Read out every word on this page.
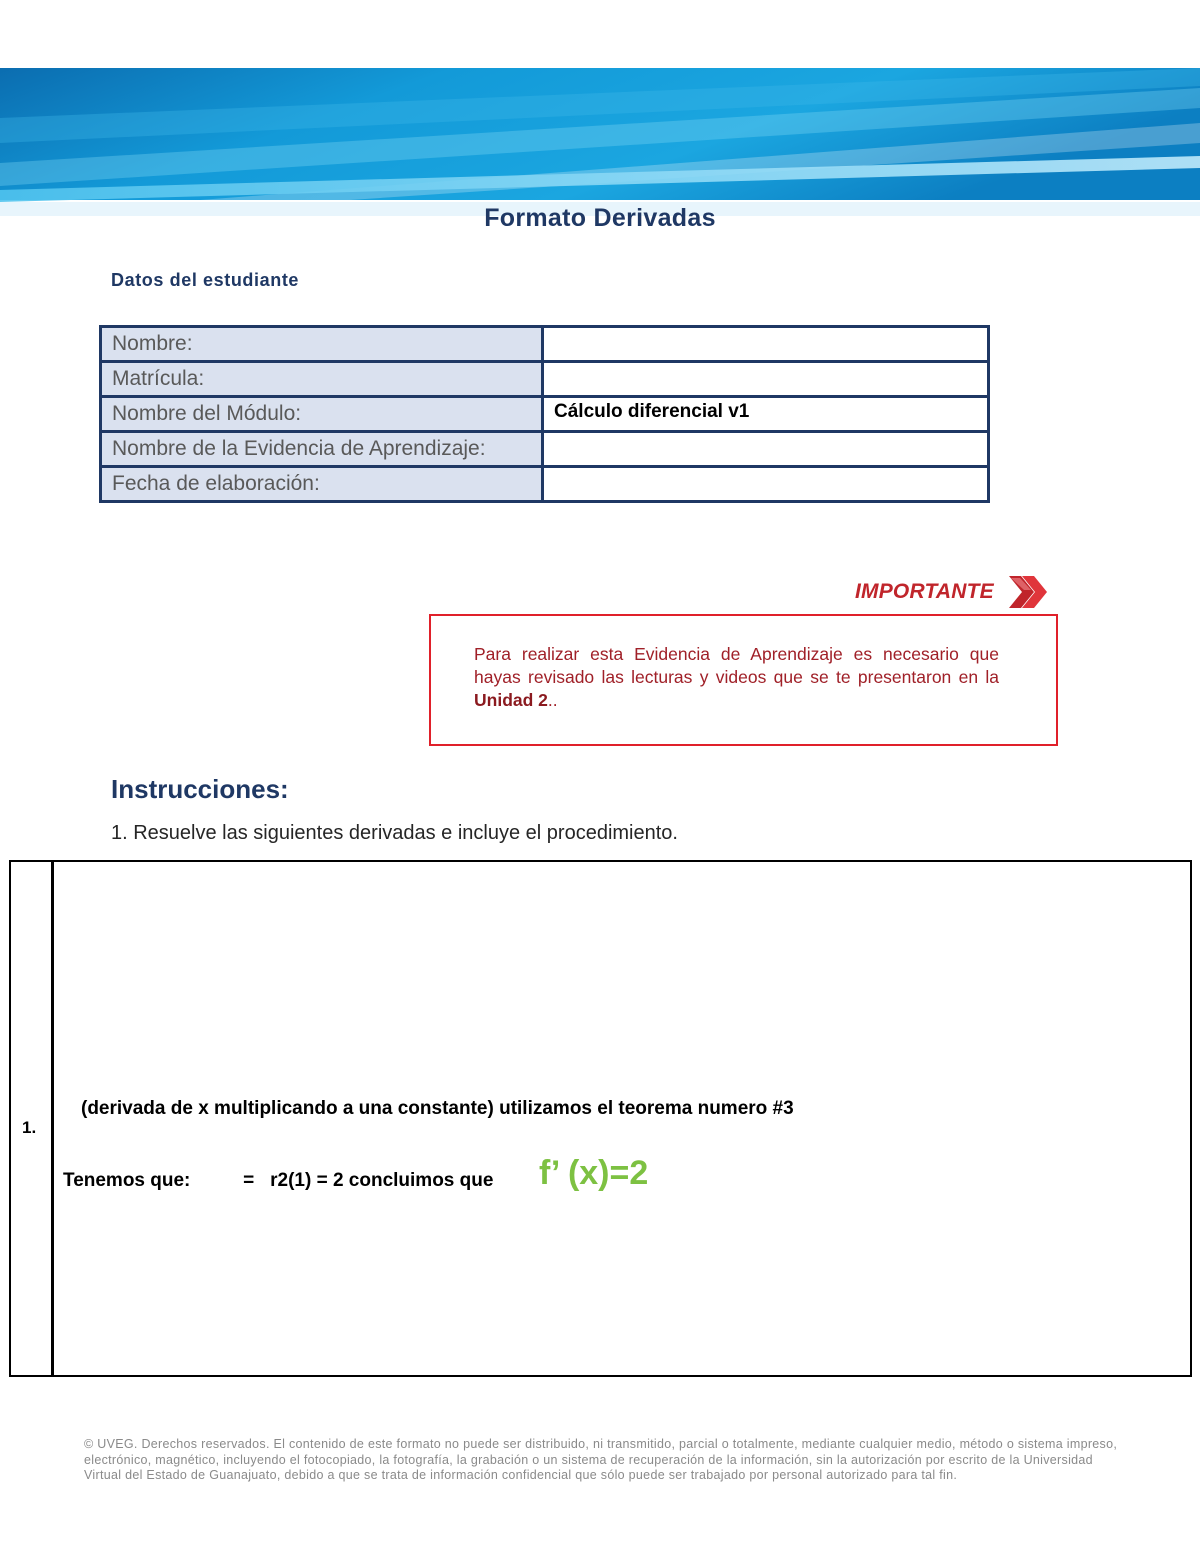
Formato Derivadas
Datos del estudiante
Nombre:	
Matrícula:	
Nombre del Módulo:	Cálculo diferencial v1
Nombre de la Evidencia de Aprendizaje:	
Fecha de elaboración:	
IMPORTANTE
Para realizar esta Evidencia de Aprendizaje es necesario que hayas revisado las lecturas y videos que se te presentaron en la Unidad 2..
Instrucciones:
1. Resuelve las siguientes derivadas e incluye el procedimiento.
1.
(derivada de x multiplicando a una constante) utilizamos el teorema numero #3
Tenemos que:          =   r2(1) = 2 concluimos que f’ (x)=2
© UVEG. Derechos reservados. El contenido de este formato no puede ser distribuido, ni transmitido, parcial o totalmente, mediante cualquier medio, método o sistema impreso, electrónico, magnético, incluyendo el fotocopiado, la fotografía, la grabación o un sistema de recuperación de la información, sin la autorización por escrito de la Universidad Virtual del Estado de Guanajuato, debido a que se trata de información confidencial que sólo puede ser trabajado por personal autorizado para tal fin.
